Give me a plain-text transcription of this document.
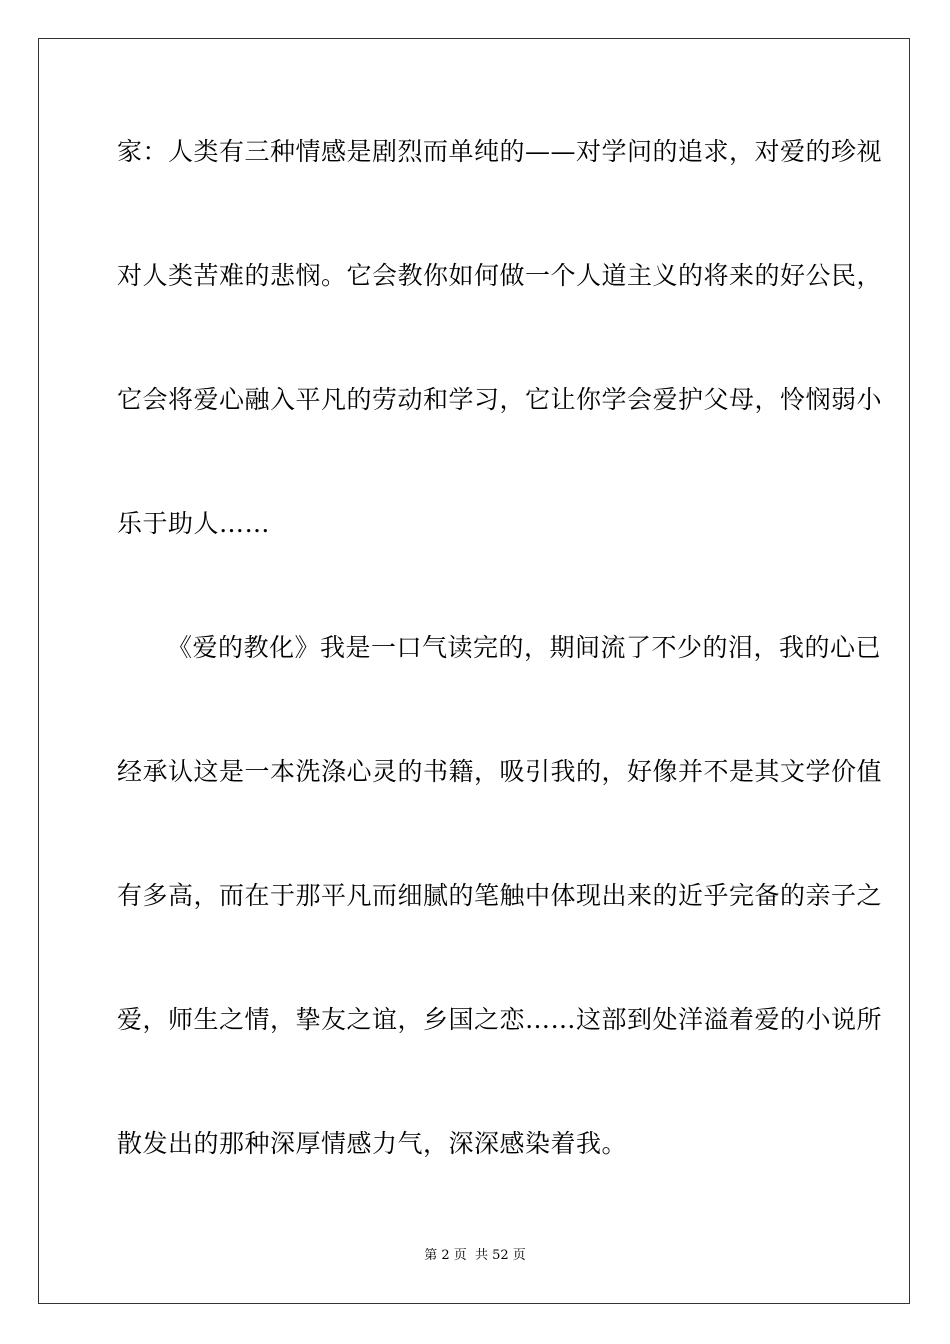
家：人类有三种情感是剧烈而单纯的——对学问的追求，对爱的珍视
对人类苦难的悲悯。它会教你如何做一个人道主义的将来的好公民，
它会将爱心融入平凡的劳动和学习，它让你学会爱护父母，怜悯弱小
乐于助人……
《爱的教化》我是一口气读完的，期间流了不少的泪，我的心已
经承认这是一本洗涤心灵的书籍，吸引我的，好像并不是其文学价值
有多高，而在于那平凡而细腻的笔触中体现出来的近乎完备的亲子之
爱，师生之情，挚友之谊，乡国之恋……这部到处洋溢着爱的小说所
散发出的那种深厚情感力气，深深感染着我。
第 2 页 共 52 页
